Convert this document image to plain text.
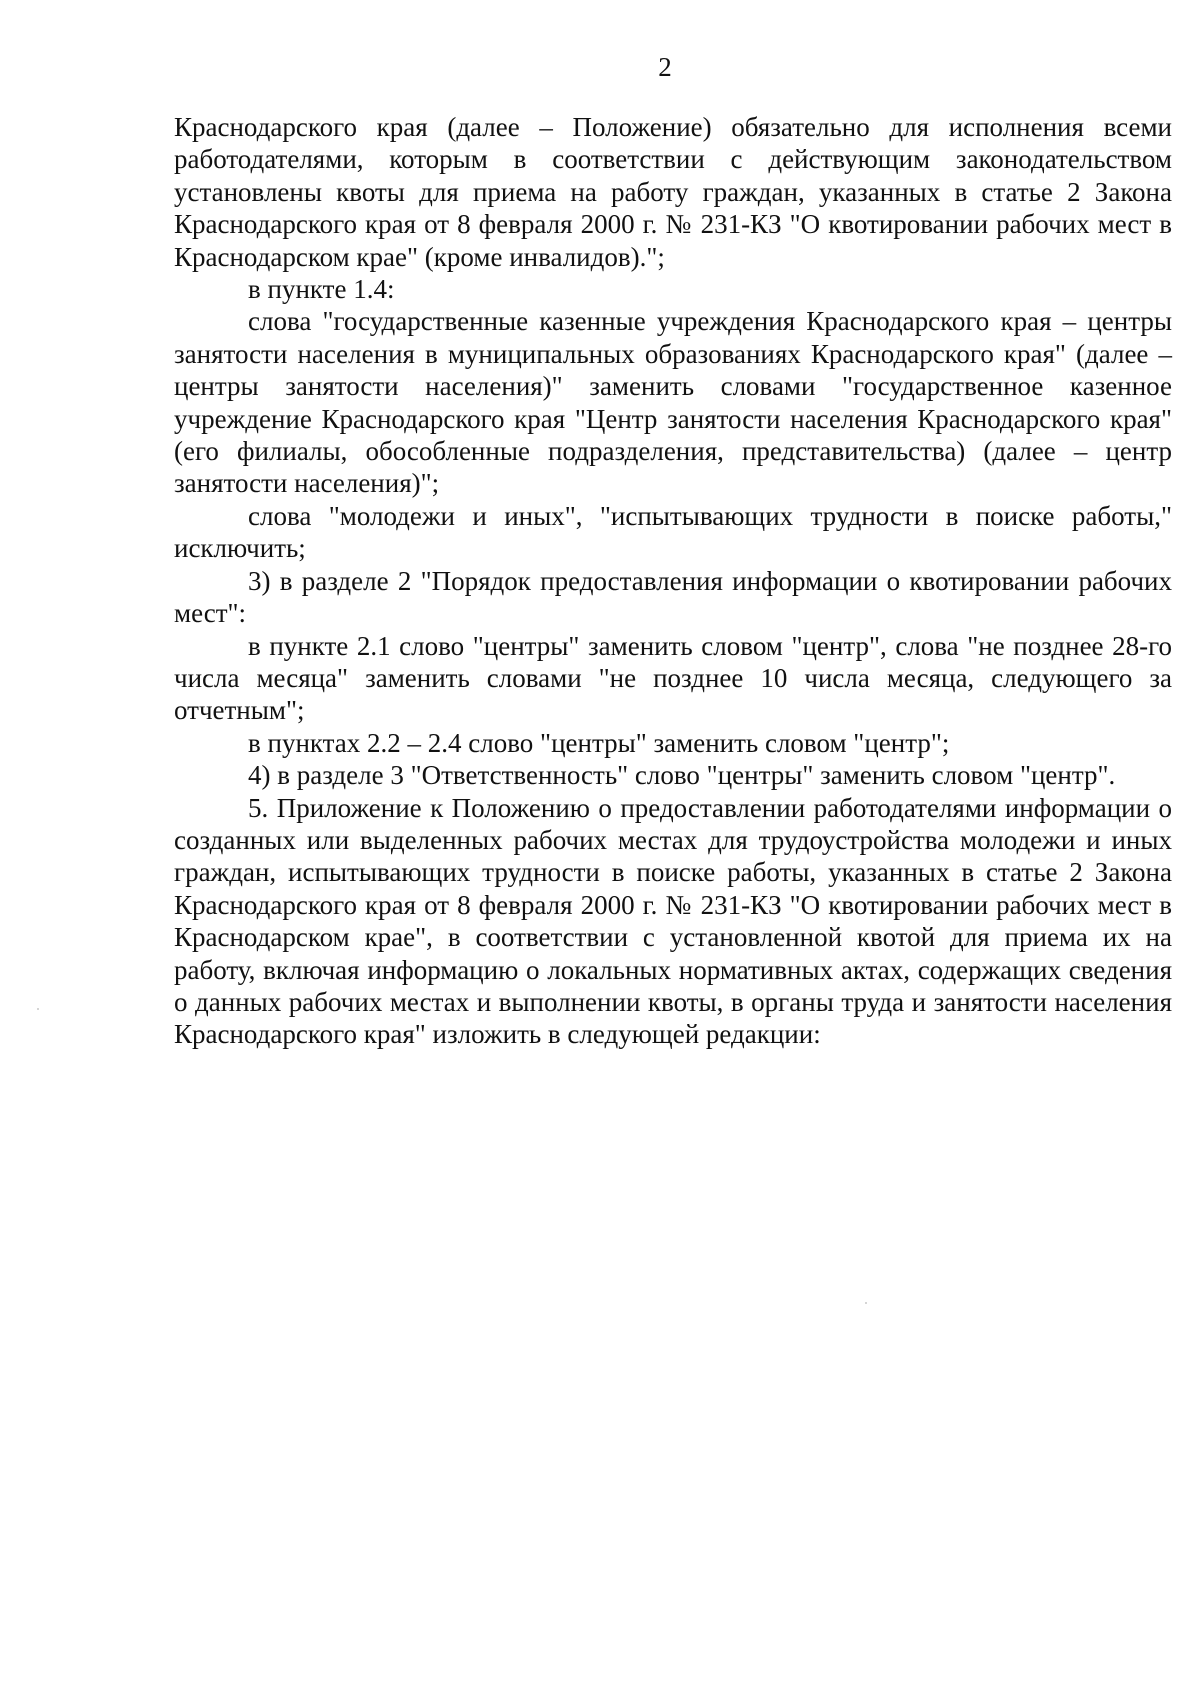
2

Краснодарского края (далее – Положение) обязательно для исполнения всеми работодателями, которым в соответствии с действующим законодательством установлены квоты для приема на работу граждан, указанных в статье 2 Закона Краснодарского края от 8 февраля 2000 г. № 231-КЗ "О квотировании рабочих мест в Краснодарском крае" (кроме инвалидов).";

в пункте 1.4:

слова "государственные казенные учреждения Краснодарского края – центры занятости населения в муниципальных образованиях Краснодарского края" (далее – центры занятости населения)" заменить словами "государственное казенное учреждение Краснодарского края "Центр занятости населения Краснодарского края" (его филиалы, обособленные подразделения, представительства) (далее – центр занятости населения)";

слова "молодежи и иных", "испытывающих трудности в поиске работы," исключить;

3) в разделе 2 "Порядок предоставления информации о квотировании рабочих мест":

в пункте 2.1 слово "центры" заменить словом "центр", слова "не позднее 28-го числа месяца" заменить словами "не позднее 10 числа месяца, следующего за отчетным";

в пунктах 2.2 – 2.4 слово "центры" заменить словом "центр";

4) в разделе 3 "Ответственность" слово "центры" заменить словом "центр".

5. Приложение к Положению о предоставлении работодателями информации о созданных или выделенных рабочих местах для трудоустройства молодежи и иных граждан, испытывающих трудности в поиске работы, указанных в статье 2 Закона Краснодарского края от 8 февраля 2000 г. № 231-КЗ "О квотировании рабочих мест в Краснодарском крае", в соответствии с установленной квотой для приема их на работу, включая информацию о локальных нормативных актах, содержащих сведения о данных рабочих местах и выполнении квоты, в органы труда и занятости населения Краснодарского края" изложить в следующей редакции:
